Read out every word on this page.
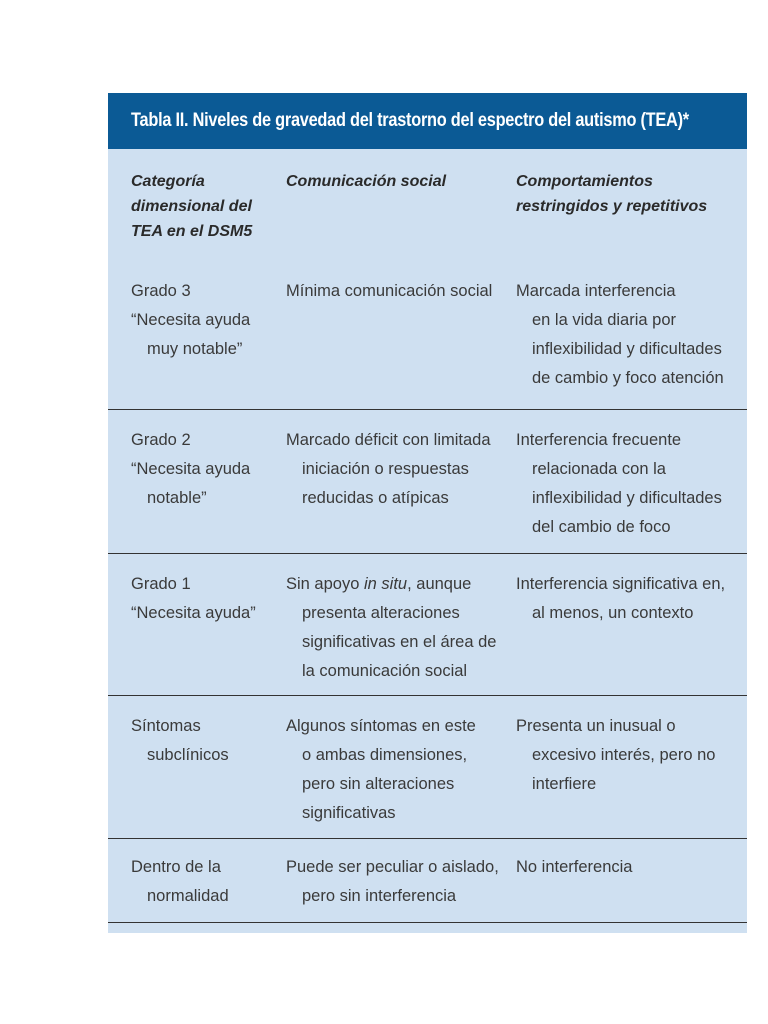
Tabla II. Niveles de gravedad del trastorno del espectro del autismo (TEA)*
Categoría
dimensional del
TEA en el DSM5
Comunicación social	Comportamientos
restringidos y repetitivos
Grado 3
“Necesita ayuda
muy notable”
Mínima comunicación social Marcada interferencia
en la vida diaria por
inflexibilidad y dificultades
de cambio y foco atención
Grado 2
“Necesita ayuda
notable”
Marcado déficit con limitada
iniciación o respuestas
reducidas o atípicas
Interferencia frecuente
relacionada con la
inflexibilidad y dificultades
del cambio de foco
Grado 1
“Necesita ayuda”
Sin apoyo in situ, aunque
presenta alteraciones
significativas en el área de
la comunicación social
Interferencia significativa en,
al menos, un contexto
Síntomas
subclínicos
Algunos síntomas en este
o ambas dimensiones,
pero sin alteraciones
significativas
Presenta un inusual o
excesivo interés, pero no
interfiere
Dentro de la
normalidad
Puede ser peculiar o aislado,
pero sin interferencia
No interferencia
